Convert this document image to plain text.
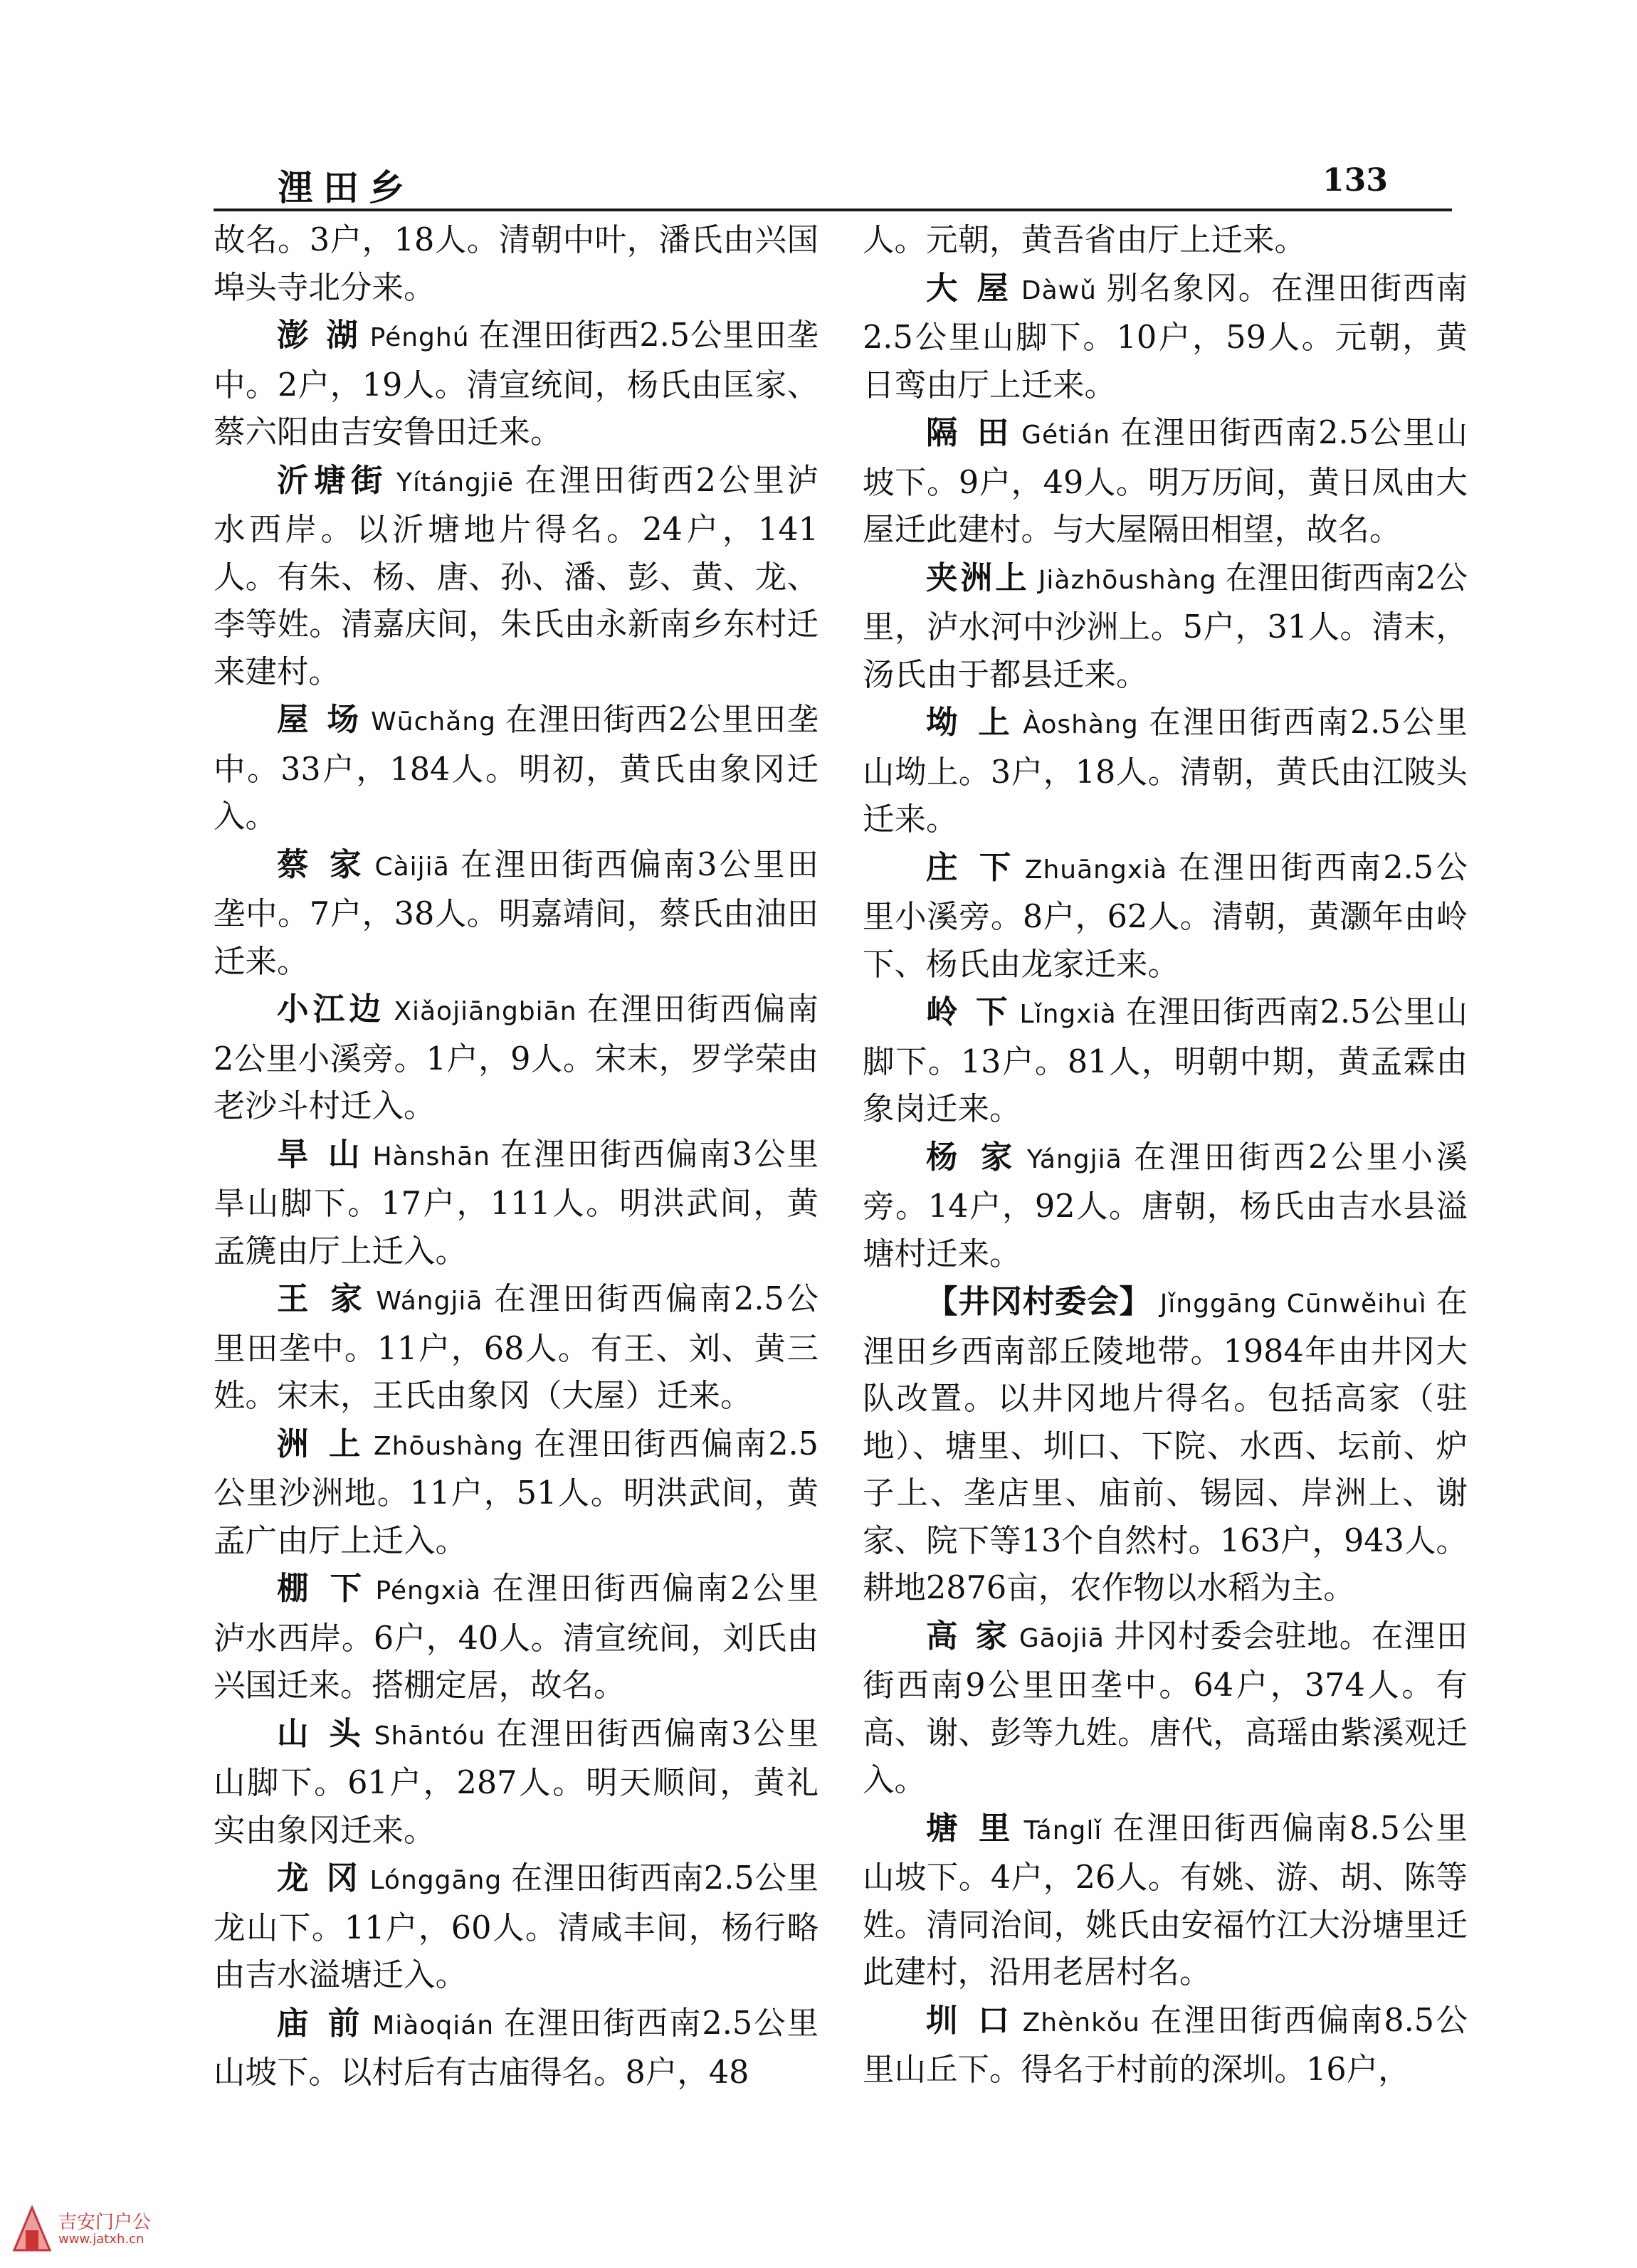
浬田乡	133

故名。3户，18人。清朝中叶，潘氏由兴国埠头寺北分来。

澎 湖 Pénghú 在浬田街西2.5公里田垄中。2户，19人。清宣统间，杨氏由匡家、蔡六阳由吉安鲁田迁来。

沂塘街 Yítángjiē 在浬田街西2公里泸水西岸。以沂塘地片得名。24户，141人。有朱、杨、唐、孙、潘、彭、黄、龙、李等姓。清嘉庆间，朱氏由永新南乡东村迁来建村。

屋 场 Wūchǎng 在浬田街西2公里田垄中。33户，184人。明初，黄氏由象冈迁入。

蔡 家 Càijiā 在浬田街西偏南3公里田垄中。7户，38人。明嘉靖间，蔡氏由油田迁来。

小江边 Xiǎojiāngbiān 在浬田街西偏南2公里小溪旁。1户，9人。宋末，罗学荣由老沙斗村迁入。

旱 山 Hànshān 在浬田街西偏南3公里旱山脚下。17户，111人。明洪武间，黄孟篪由厅上迁入。

王 家 Wángjiā 在浬田街西偏南2.5公里田垄中。11户，68人。有王、刘、黄三姓。宋末，王氏由象冈（大屋）迁来。

洲 上 Zhōushàng 在浬田街西偏南2.5公里沙洲地。11户，51人。明洪武间，黄孟广由厅上迁入。

棚 下 Péngxià 在浬田街西偏南2公里泸水西岸。6户，40人。清宣统间，刘氏由兴国迁来。搭棚定居，故名。

山 头 Shāntóu 在浬田街西偏南3公里山脚下。61户，287人。明天顺间，黄礼实由象冈迁来。

龙 冈 Lónggāng 在浬田街西南2.5公里龙山下。11户，60人。清咸丰间，杨行略由吉水溢塘迁入。

庙 前 Miàoqián 在浬田街西南2.5公里山坡下。以村后有古庙得名。8户，48

人。元朝，黄吾省由厅上迁来。

大 屋 Dàwǔ 别名象冈。在浬田街西南2.5公里山脚下。10户，59人。元朝，黄日鸾由厅上迁来。

隔 田 Gétián 在浬田街西南2.5公里山坡下。9户，49人。明万历间，黄日凤由大屋迁此建村。与大屋隔田相望，故名。

夹洲上 Jiàzhōushàng 在浬田街西南2公里，泸水河中沙洲上。5户，31人。清末，汤氏由于都县迁来。

坳 上 Àoshàng 在浬田街西南2.5公里山坳上。3户，18人。清朝，黄氏由江陂头迁来。

庄 下 Zhuāngxià 在浬田街西南2.5公里小溪旁。8户，62人。清朝，黄灏年由岭下、杨氏由龙家迁来。

岭 下 Lǐngxià 在浬田街西南2.5公里山脚下。13户。81人，明朝中期，黄孟霖由象岗迁来。

杨 家 Yángjiā 在浬田街西2公里小溪旁。14户，92人。唐朝，杨氏由吉水县溢塘村迁来。

【井冈村委会】 Jǐnggāng Cūnwěihuì 在浬田乡西南部丘陵地带。1984年由井冈大队改置。以井冈地片得名。包括高家（驻地）、塘里、圳口、下院、水西、坛前、炉子上、垄店里、庙前、锡园、岸洲上、谢家、院下等13个自然村。163户，943人。耕地2876亩，农作物以水稻为主。

高 家 Gāojiā 井冈村委会驻地。在浬田街西南9公里田垄中。64户，374人。有高、谢、彭等九姓。唐代，高瑶由紫溪观迁入。

塘 里 Tánglǐ 在浬田街西偏南8.5公里山坡下。4户，26人。有姚、游、胡、陈等姓。清同治间，姚氏由安福竹江大汾塘里迁此建村，沿用老居村名。

圳 口 Zhènkǒu 在浬田街西偏南8.5公里山丘下。得名于村前的深圳。16户，

吉安门户公
www.jatxh.cn
